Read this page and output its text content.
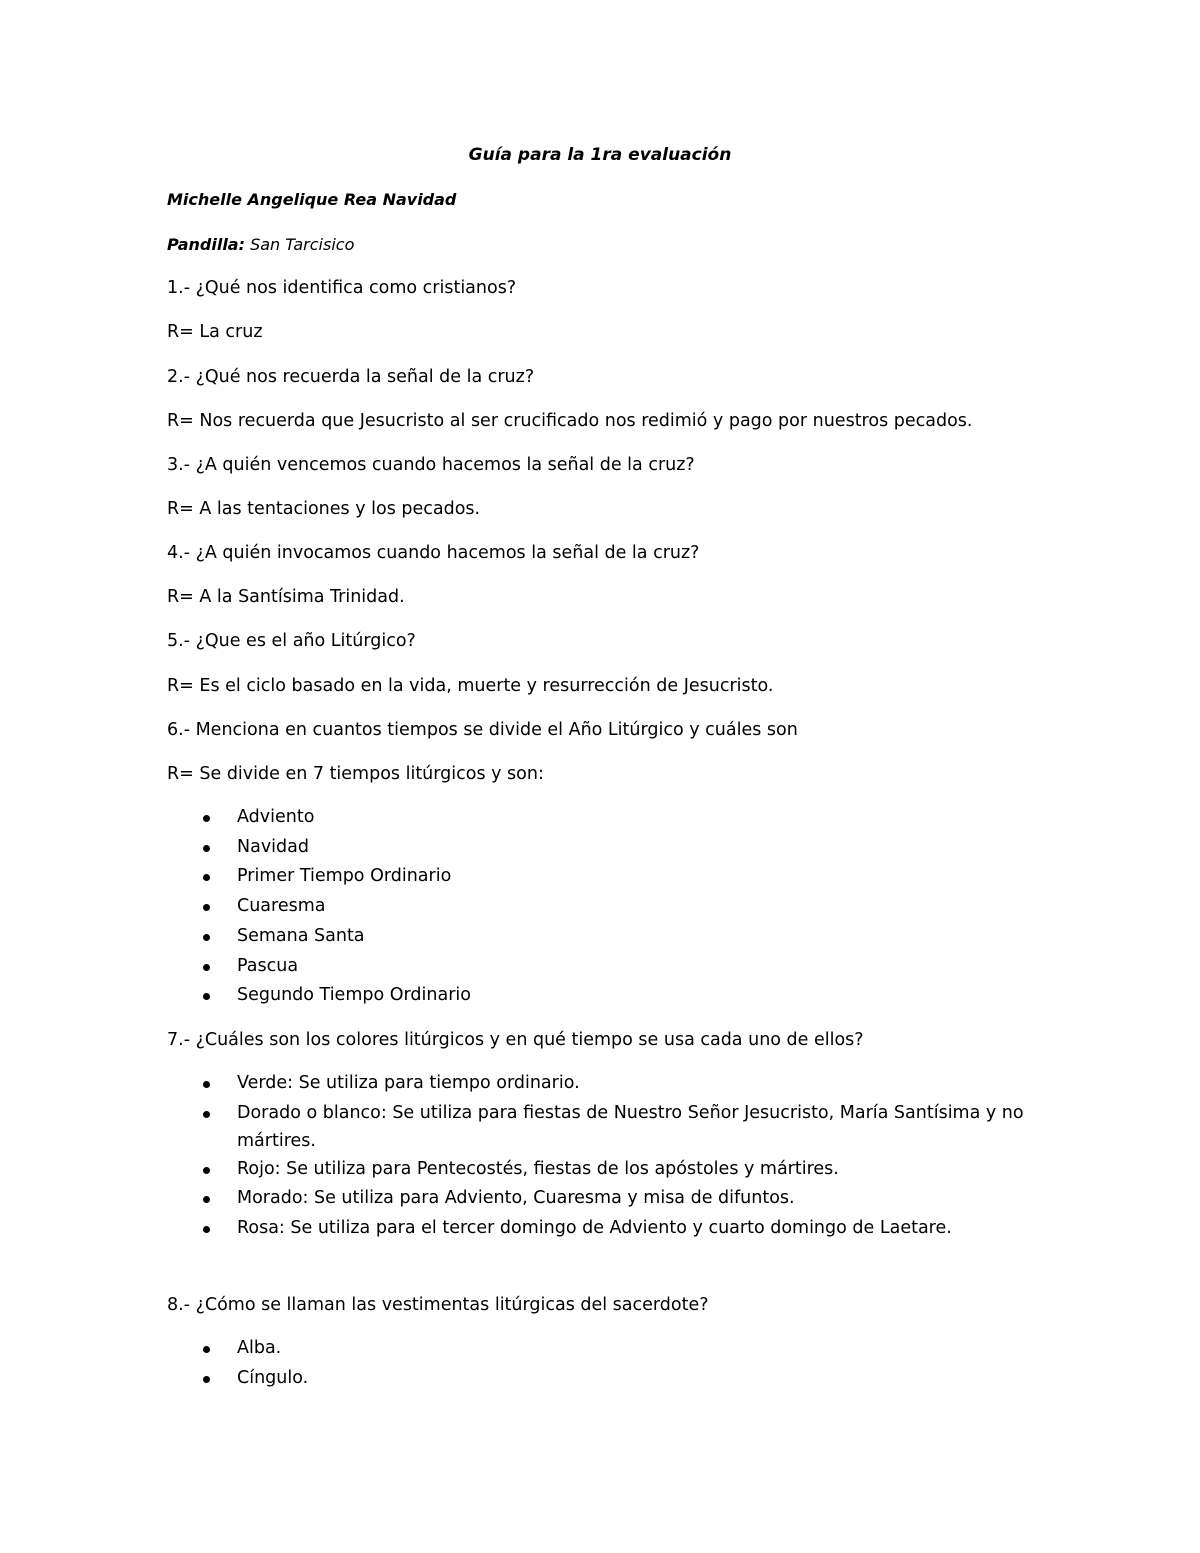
Guía para la 1ra evaluación
Michelle Angelique Rea Navidad
Pandilla: San Tarcisico
1.- ¿Qué nos identifica como cristianos?
R= La cruz
2.- ¿Qué nos recuerda la señal de la cruz?
R= Nos recuerda que Jesucristo al ser crucificado nos redimió y pago por nuestros pecados.
3.- ¿A quién vencemos cuando hacemos la señal de la cruz?
R= A las tentaciones y los pecados.
4.- ¿A quién invocamos cuando hacemos la señal de la cruz?
R= A la Santísima Trinidad.
5.- ¿Que es el año Litúrgico?
R= Es el ciclo basado en la vida, muerte y resurrección de Jesucristo.
6.- Menciona en cuantos tiempos se divide el Año Litúrgico y cuáles son
R= Se divide en 7 tiempos litúrgicos y son:
Adviento
Navidad
Primer Tiempo Ordinario
Cuaresma
Semana Santa
Pascua
Segundo Tiempo Ordinario
7.- ¿Cuáles son los colores litúrgicos y en qué tiempo se usa cada uno de ellos?
Verde: Se utiliza para tiempo ordinario.
Dorado o blanco: Se utiliza para fiestas de Nuestro Señor Jesucristo, María Santísima y no mártires.
Rojo: Se utiliza para Pentecostés, fiestas de los apóstoles y mártires.
Morado: Se utiliza para Adviento, Cuaresma y misa de difuntos.
Rosa: Se utiliza para el tercer domingo de Adviento y cuarto domingo de Laetare.
8.- ¿Cómo se llaman las vestimentas litúrgicas del sacerdote?
Alba.
Cíngulo.
